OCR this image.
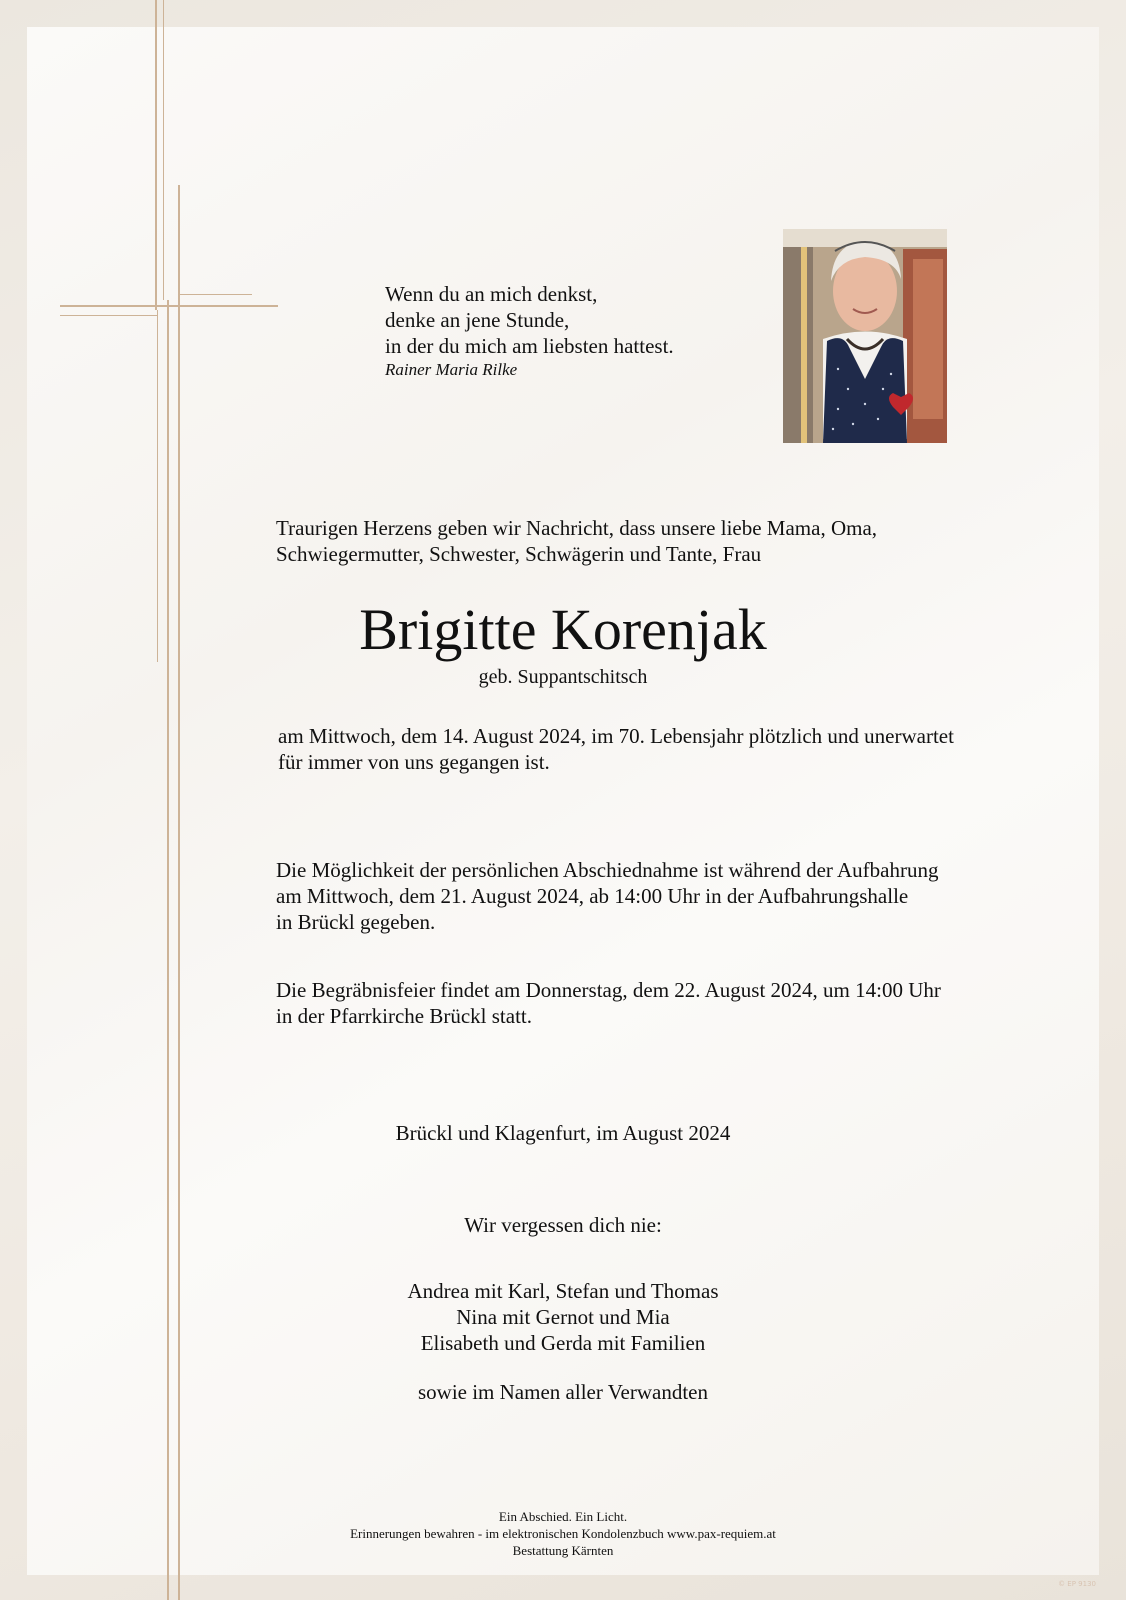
Wenn du an mich denkst,
denke an jene Stunde,
in der du mich am liebsten hattest.
Rainer Maria Rilke
Traurigen Herzens geben wir Nachricht, dass unsere liebe Mama, Oma,
Schwiegermutter, Schwester, Schwägerin und Tante, Frau
Brigitte Korenjak
geb. Suppantschitsch
am Mittwoch, dem 14. August 2024, im 70. Lebensjahr plötzlich und unerwartet
für immer von uns gegangen ist.
Die Möglichkeit der persönlichen Abschiednahme ist während der Aufbahrung
am Mittwoch, dem 21. August 2024, ab 14:00 Uhr in der Aufbahrungshalle
in Brückl gegeben.
Die Begräbnisfeier findet am Donnerstag, dem 22. August 2024, um 14:00 Uhr
in der Pfarrkirche Brückl statt.
Brückl und Klagenfurt, im August 2024
Wir vergessen dich nie:
Andrea mit Karl, Stefan und Thomas
Nina mit Gernot und Mia
Elisabeth und Gerda mit Familien
sowie im Namen aller Verwandten
Ein Abschied. Ein Licht.
Erinnerungen bewahren - im elektronischen Kondolenzbuch www.pax-requiem.at
Bestattung Kärnten
© EP 9130
